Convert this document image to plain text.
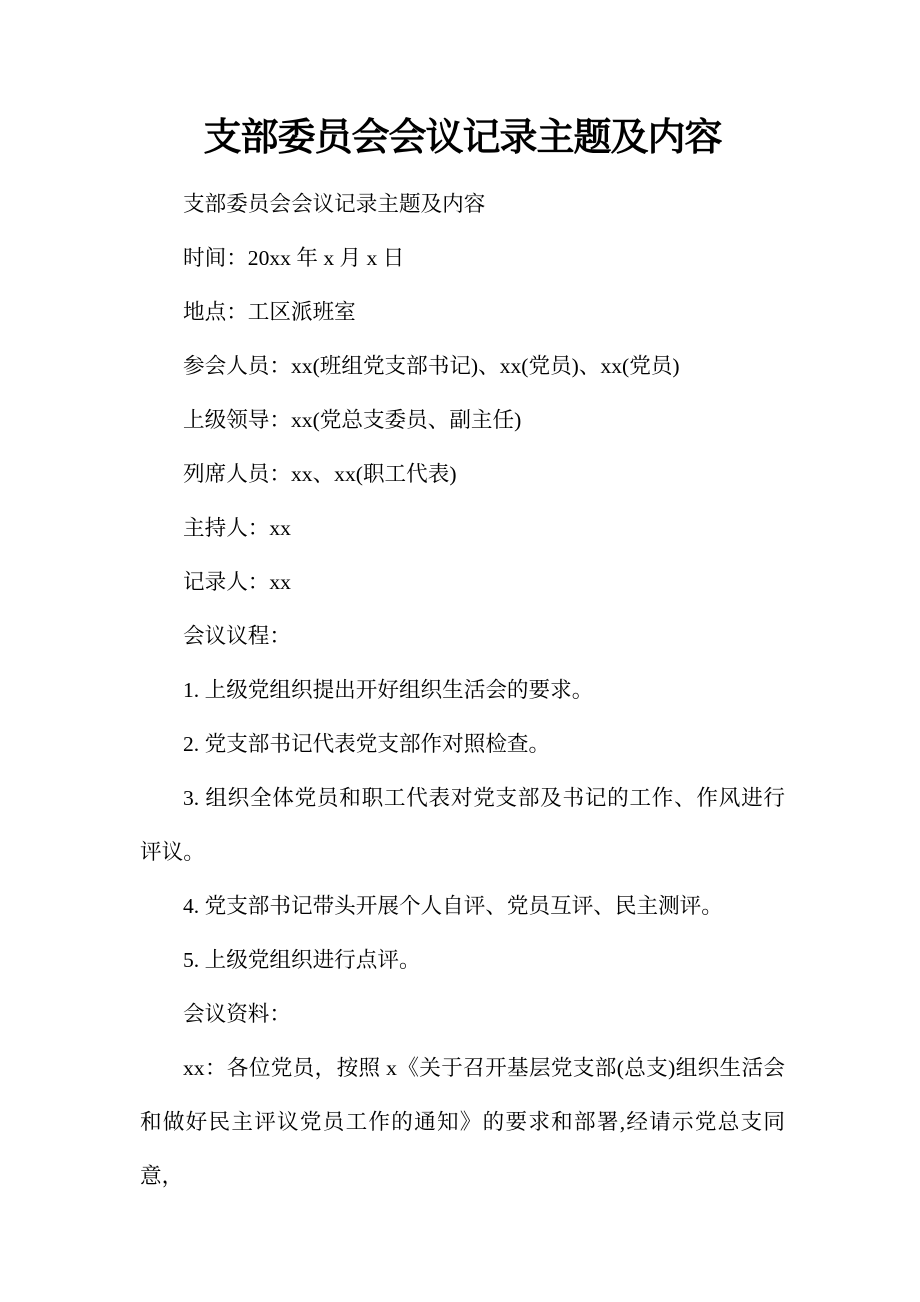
支部委员会会议记录主题及内容

支部委员会会议记录主题及内容

时间：20xx 年 x 月 x 日

地点：工区派班室

参会人员：xx(班组党支部书记)、xx(党员)、xx(党员)

上级领导：xx(党总支委员、副主任)

列席人员：xx、xx(职工代表)

主持人：xx

记录人：xx

会议议程：

1. 上级党组织提出开好组织生活会的要求。

2. 党支部书记代表党支部作对照检查。

3. 组织全体党员和职工代表对党支部及书记的工作、作风进行评议。

4. 党支部书记带头开展个人自评、党员互评、民主测评。

5. 上级党组织进行点评。

会议资料：

xx：各位党员，按照 x《关于召开基层党支部(总支)组织生活会和做好民主评议党员工作的通知》的要求和部署,经请示党总支同意，
